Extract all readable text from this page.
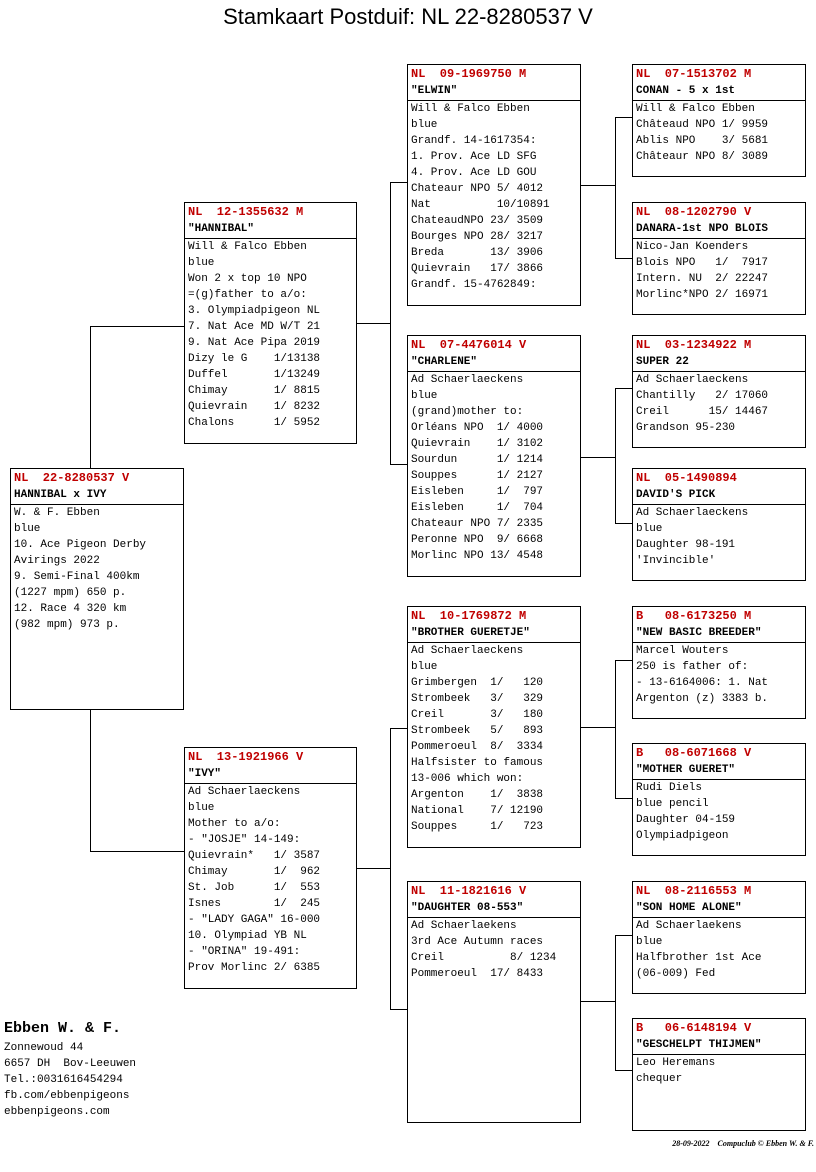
Stamkaart Postduif: NL 22-8280537 V
NL  22-8280537 V
HANNIBAL x IVY
W. & F. Ebben
blue
10. Ace Pigeon Derby
Avirings 2022
9. Semi-Final 400km
(1227 mpm) 650 p.
12. Race 4 320 km
(982 mpm) 973 p.
NL  12-1355632 M
"HANNIBAL"
Will & Falco Ebben
blue
Won 2 x top 10 NPO
=(g)father to a/o:
3. Olympiadpigeon NL
7. Nat Ace MD W/T 21
9. Nat Ace Pipa 2019
Dizy le G    1/13138
Duffel       1/13249
Chimay       1/ 8815
Quievrain    1/ 8232
Chalons      1/ 5952
NL  13-1921966 V
"IVY"
Ad Schaerlaeckens
blue
Mother to a/o:
- "JOSJE" 14-149:
Quievrain*   1/ 3587
Chimay       1/  962
St. Job      1/  553
Isnes        1/  245
- "LADY GAGA" 16-000
10. Olympiad YB NL
- "ORINA" 19-491:
Prov Morlinc 2/ 6385
NL  09-1969750 M
"ELWIN"
Will & Falco Ebben
blue
Grandf. 14-1617354:
1. Prov. Ace LD SFG
4. Prov. Ace LD GOU
Chateaur NPO 5/ 4012
Nat          10/10891
ChateaudNPO 23/ 3509
Bourges NPO 28/ 3217
Breda       13/ 3906
Quievrain   17/ 3866
Grandf. 15-4762849:
NL  07-4476014 V
"CHARLENE"
Ad Schaerlaeckens
blue
(grand)mother to:
Orléans NPO  1/ 4000
Quievrain    1/ 3102
Sourdun      1/ 1214
Souppes      1/ 2127
Eisleben     1/  797
Eisleben     1/  704
Chateaur NPO 7/ 2335
Peronne NPO  9/ 6668
Morlinc NPO 13/ 4548
NL  10-1769872 M
"BROTHER GUERETJE"
Ad Schaerlaeckens
blue
Grimbergen  1/   120
Strombeek   3/   329
Creil       3/   180
Strombeek   5/   893
Pommeroeul  8/  3334
Halfsister to famous
13-006 which won:
Argenton    1/  3838
National    7/ 12190
Souppes     1/   723
NL  11-1821616 V
"DAUGHTER 08-553"
Ad Schaerlaekens
3rd Ace Autumn races
Creil          8/ 1234
Pommeroeul  17/ 8433
NL  07-1513702 M
CONAN - 5 x 1st
Will & Falco Ebben
Châteaud NPO 1/ 9959
Ablis NPO    3/ 5681
Châteaur NPO 8/ 3089
NL  08-1202790 V
DANARA-1st NPO BLOIS
Nico-Jan Koenders
Blois NPO   1/  7917
Intern. NU  2/ 22247
Morlinc*NPO 2/ 16971
NL  03-1234922 M
SUPER 22
Ad Schaerlaeckens
Chantilly   2/ 17060
Creil      15/ 14467
Grandson 95-230
NL  05-1490894
DAVID'S PICK
Ad Schaerlaeckens
blue
Daughter 98-191
'Invincible'
B   08-6173250 M
"NEW BASIC BREEDER"
Marcel Wouters
250 is father of:
- 13-6164006: 1. Nat
Argenton (z) 3383 b.
B   08-6071668 V
"MOTHER GUERET"
Rudi Diels
blue pencil
Daughter 04-159
Olympiadpigeon
NL  08-2116553 M
"SON HOME ALONE"
Ad Schaerlaekens
blue
Halfbrother 1st Ace
(06-009) Fed
B   06-6148194 V
"GESCHELPT THIJMEN"
Leo Heremans
chequer
Ebben W. & F.
Zonnewoud 44
6657 DH  Bov-Leeuwen
Tel.:0031616454294
fb.com/ebbenpigeons
ebbenpigeons.com
28-09-2022    Compuclub © Ebben W. & F.
